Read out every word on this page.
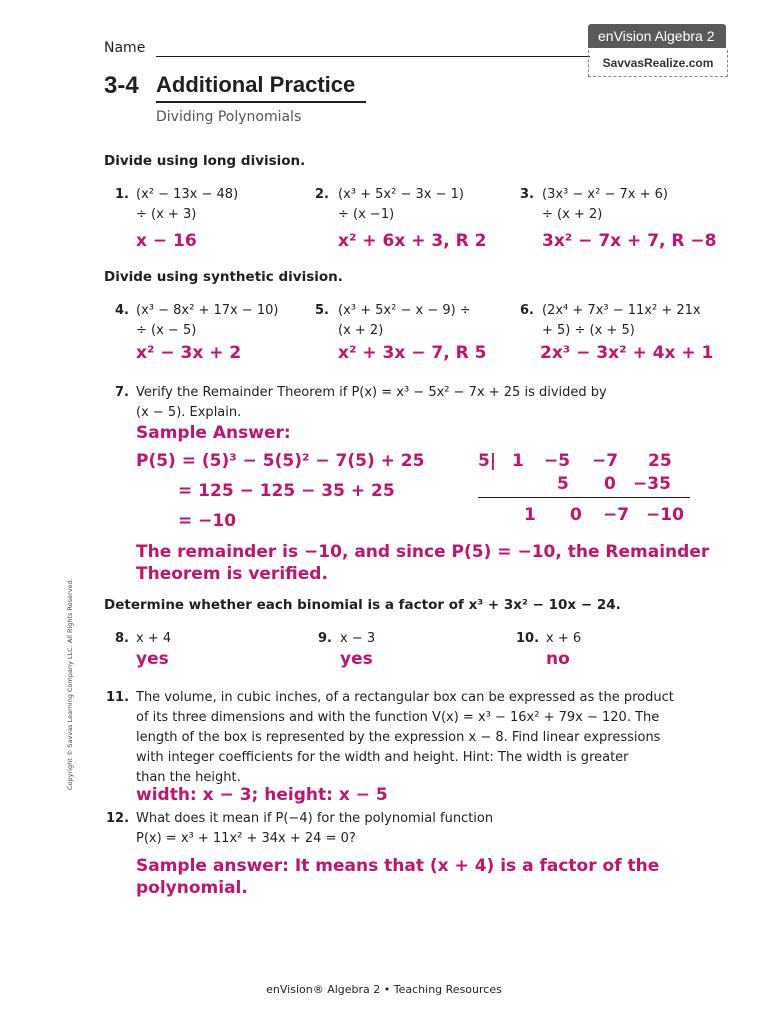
Name
enVision Algebra 2
SavvasRealize.com
3-4 Additional Practice
Dividing Polynomials
Divide using long division.
1. (x² − 13x − 48)
÷ (x + 3)
x − 16
2. (x³ + 5x² − 3x − 1)
÷ (x −1)
x² + 6x + 3, R 2
3. (3x³ − x² − 7x + 6)
÷ (x + 2)
3x² − 7x + 7, R −8
Divide using synthetic division.
4. (x³ − 8x² + 17x − 10)
÷ (x − 5)
x² − 3x + 2
5. (x³ + 5x² − x − 9) ÷
(x + 2)
x² + 3x − 7, R 5
6. (2x⁴ + 7x³ − 11x² + 21x
+ 5) ÷ (x + 5)
2x³ − 3x² + 4x + 1
7. Verify the Remainder Theorem if P(x) = x³ − 5x² − 7x + 25 is divided by
(x − 5). Explain.
Sample Answer:
P(5) = (5)³ − 5(5)² − 7(5) + 25
= 125 − 125 − 35 + 25
= −10
5| 1 −5 −7 25
5 0 −35
1 0 −7 −10
The remainder is −10, and since P(5) = −10, the Remainder
Theorem is verified.
Determine whether each binomial is a factor of x³ + 3x² − 10x − 24.
8. x + 4
yes
9. x − 3
yes
10. x + 6
no
11. The volume, in cubic inches, of a rectangular box can be expressed as the product
of its three dimensions and with the function V(x) = x³ − 16x² + 79x − 120. The
length of the box is represented by the expression x − 8. Find linear expressions
with integer coefficients for the width and height. Hint: The width is greater
than the height.
width: x − 3; height: x − 5
12. What does it mean if P(−4) for the polynomial function
P(x) = x³ + 11x² + 34x + 24 = 0?
Sample answer: It means that (x + 4) is a factor of the
polynomial.
Copyright © Savvas Learning Company LLC. All Rights Reserved.
enVision® Algebra 2 • Teaching Resources
